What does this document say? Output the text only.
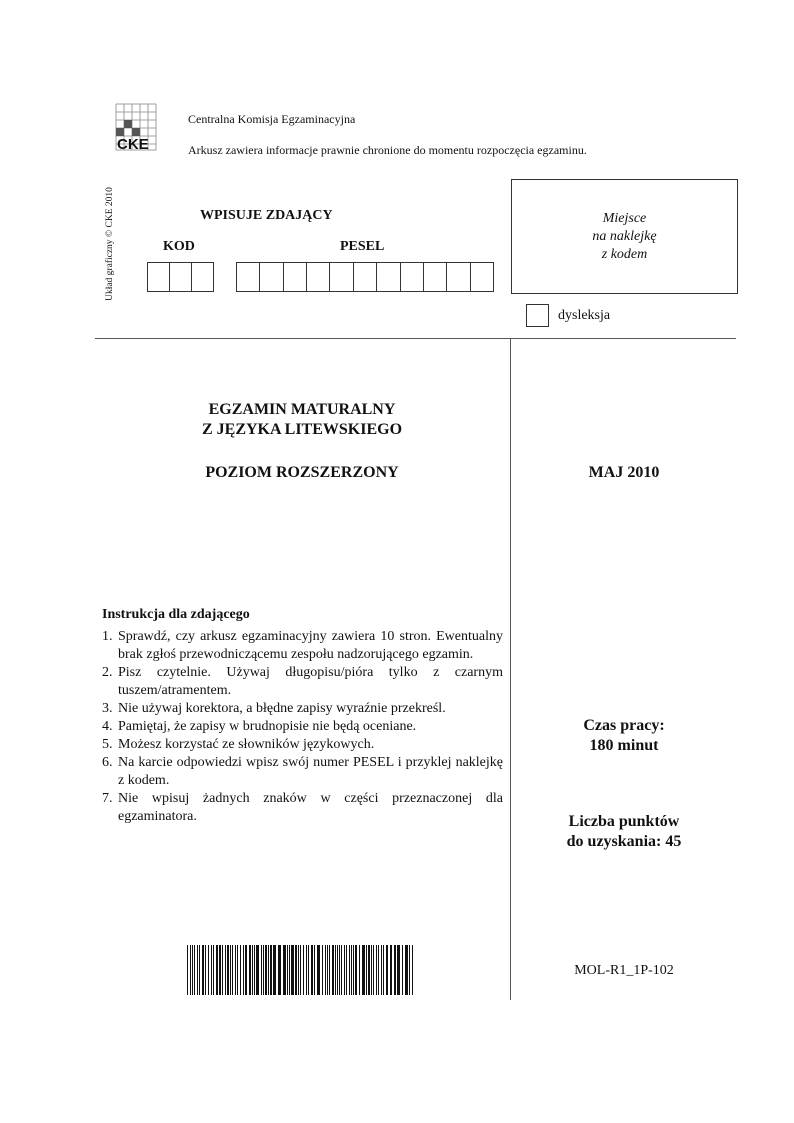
CKE
Centralna Komisja Egzaminacyjna
Arkusz zawiera informacje prawnie chronione do momentu rozpoczęcia egzaminu.
Układ graficzny © CKE 2010	WPISUJE ZDAJĄCY
KOD	PESEL
Miejsce
na naklejkę
z kodem
dysleksja
EGZAMIN MATURALNY
Z JĘZYKA LITEWSKIEGO
POZIOM ROZSZERZONY	MAJ 2010
Instrukcja dla zdającego
1. Sprawdź, czy arkusz egzaminacyjny zawiera 10 stron. Ewentualny brak zgłoś przewodniczącemu zespołu nadzorującego egzamin.
2. Pisz czytelnie. Używaj długopisu/pióra tylko z czarnym tuszem/atramentem.
3. Nie używaj korektora, a błędne zapisy wyraźnie przekreśl.
4. Pamiętaj, że zapisy w brudnopisie nie będą oceniane.
5. Możesz korzystać ze słowników językowych.
6. Na karcie odpowiedzi wpisz swój numer PESEL i przyklej naklejkę z kodem.
7. Nie wpisuj żadnych znaków w części przeznaczonej dla egzaminatora.
Czas pracy:
180 minut
Liczba punktów
do uzyskania: 45
MOL-R1_1P-102
